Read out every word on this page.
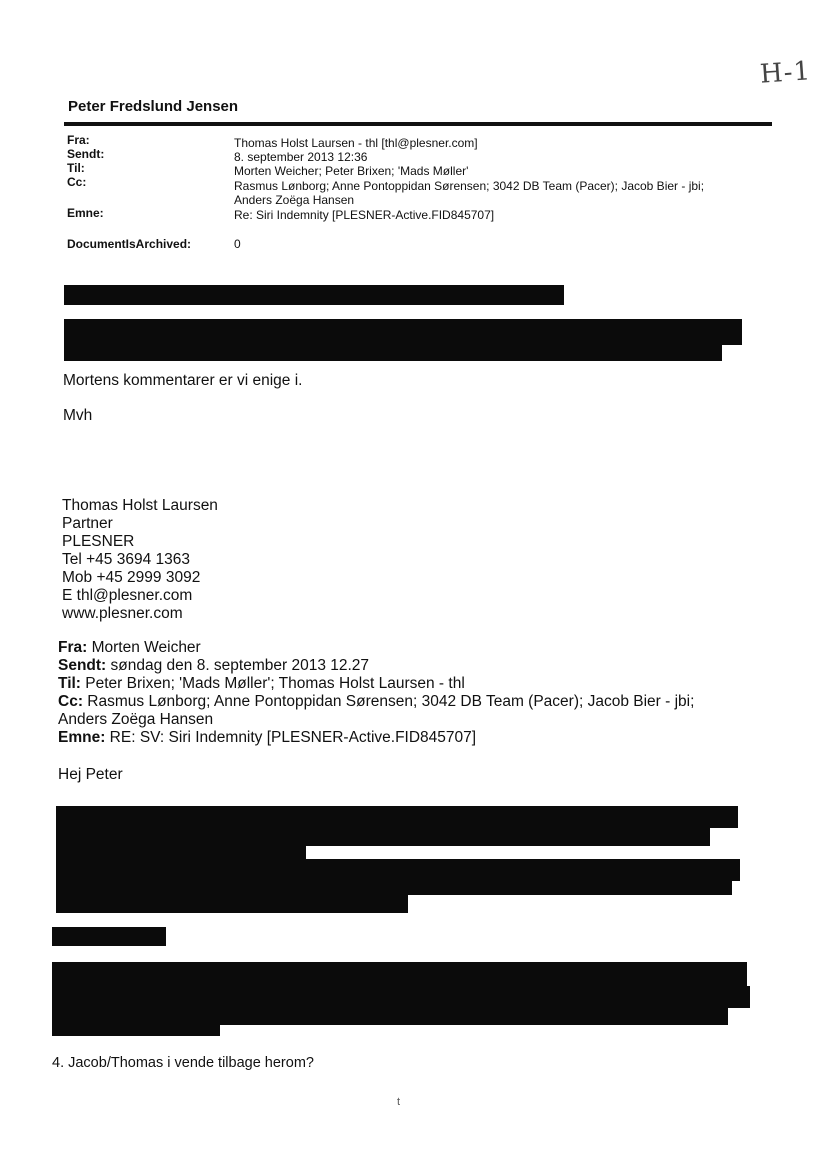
H-1
Peter Fredslund Jensen
Fra:
Sendt:
Til:
Cc:
Emne:
DocumentIsArchived:
Thomas Holst Laursen - thl [thl@plesner.com]
8. september 2013 12:36
Morten Weicher; Peter Brixen; 'Mads Møller'
Rasmus Lønborg; Anne Pontoppidan Sørensen; 3042 DB Team (Pacer); Jacob Bier - jbi;
Anders Zoëga Hansen
Re: Siri Indemnity [PLESNER-Active.FID845707]
0
Mortens kommentarer er vi enige i.
Mvh
Thomas Holst Laursen
Partner
PLESNER
Tel +45 3694 1363
Mob +45 2999 3092
E thl@plesner.com
www.plesner.com
Fra: Morten Weicher
Sendt: søndag den 8. september 2013 12.27
Til: Peter Brixen; 'Mads Møller'; Thomas Holst Laursen - thl
Cc: Rasmus Lønborg; Anne Pontoppidan Sørensen; 3042 DB Team (Pacer); Jacob Bier - jbi;
Anders Zoëga Hansen
Emne: RE: SV: Siri Indemnity [PLESNER-Active.FID845707]
Hej Peter
4. Jacob/Thomas i vende tilbage herom?
t
